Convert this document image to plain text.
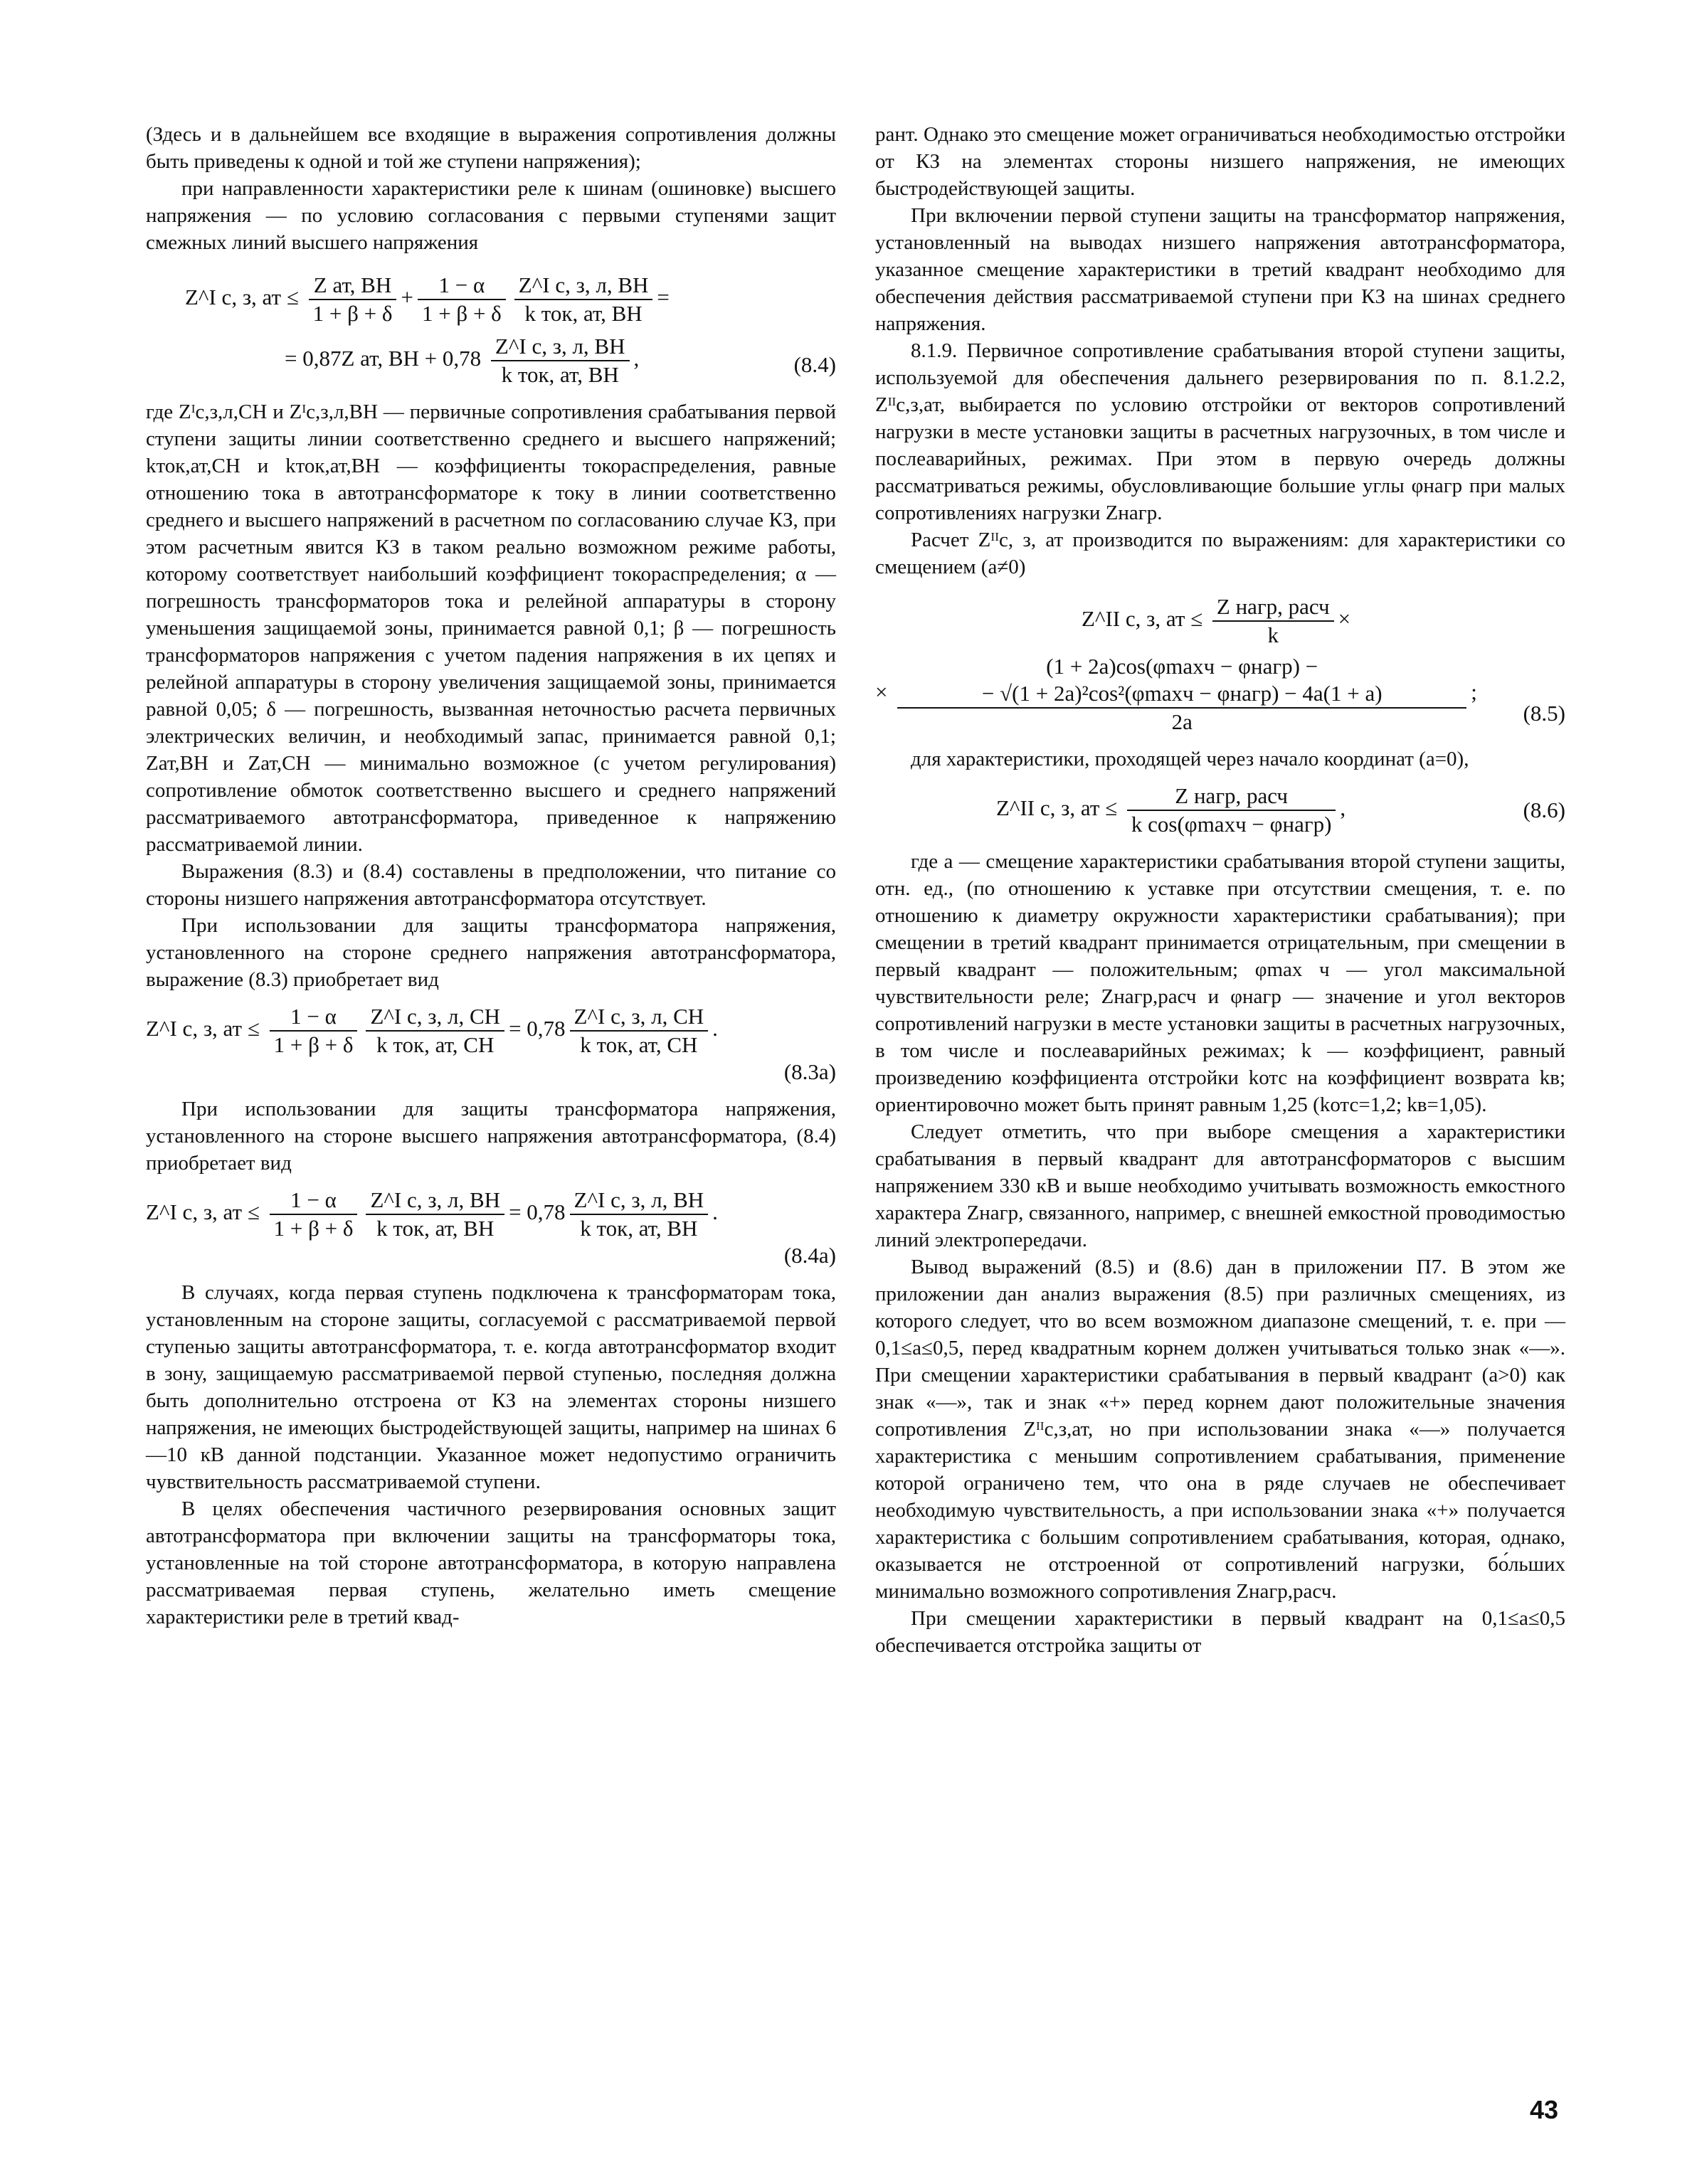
(Здесь и в дальнейшем все входящие в выражения сопротивления должны быть приведены к одной и той же ступени напряжения);

при направленности характеристики реле к шинам (ошиновке) высшего напряжения — по условию согласования с первыми ступенями защит смежных линий высшего напряжения

Z^I с, з, ат ≤ $\frac{\text{Z ат, ВН}}{1 + \beta + \delta} + \frac{1 - \alpha}{1 + \beta + \delta} \frac{\text{Z\textasciicircum{}I с, з, л, ВН}}{\text{k ток, ат, ВН}}$ =
= 0,87Z ат, ВН + $0,78 \frac{\text{Z\textasciicircum{}I с, з, л, ВН}}{\text{k ток, ат, ВН}}$ ,	(8.4)

где Zᴵс,з,л,СН и Zᴵс,з,л,ВН — первичные сопротивления срабатывания первой ступени защиты линии соответственно среднего и высшего напряжений; kток,ат,СН и kток,ат,ВН — коэффициенты токораспределения, равные отношению тока в автотрансформаторе к току в линии соответственно среднего и высшего напряжений в расчетном по согласованию случае КЗ, при этом расчетным явится КЗ в таком реально возможном режиме работы, которому соответствует наибольший коэффициент токораспределения; α — погрешность трансформаторов тока и релейной аппаратуры в сторону уменьшения защищаемой зоны, принимается равной 0,1; β — погрешность трансформаторов напряжения с учетом падения напряжения в их цепях и релейной аппаратуры в сторону увеличения защищаемой зоны, принимается равной 0,05; δ — погрешность, вызванная неточностью расчета первичных электрических величин, и необходимый запас, принимается равной 0,1; Zат,ВН и Zат,СН — минимально возможное (с учетом регулирования) сопротивление обмоток соответственно высшего и среднего напряжений рассматриваемого автотрансформатора, приведенное к напряжению рассматриваемой линии.

Выражения (8.3) и (8.4) составлены в предположении, что питание со стороны низшего напряжения автотрансформатора отсутствует.

При использовании для защиты трансформатора напряжения, установленного на стороне среднего напряжения автотрансформатора, выражение (8.3) приобретает вид

Z^I с, з, ат ≤ $\frac{1 - \alpha}{1 + \beta + \delta} \frac{\text{Z\textasciicircum{}I с, з, л, СН}}{\text{k ток, ат, СН}} = 0,78 \frac{\text{Z\textasciicircum{}I с, з, л, СН}}{\text{k ток, ат, СН}}$ .
(8.3а)

При использовании для защиты трансформатора напряжения, установленного на стороне высшего напряжения автотрансформатора, (8.4) приобретает вид

Z^I с, з, ат ≤ $\frac{1 - \alpha}{1 + \beta + \delta} \frac{\text{Z\textasciicircum{}I с, з, л, ВН}}{\text{k ток, ат, ВН}} = 0,78 \frac{\text{Z\textasciicircum{}I с, з, л, ВН}}{\text{k ток, ат, ВН}}$ .
(8.4а)

В случаях, когда первая ступень подключена к трансформаторам тока, установленным на стороне защиты, согласуемой с рассматриваемой первой ступенью защиты автотрансформатора, т. е. когда автотрансформатор входит в зону, защищаемую рассматриваемой первой ступенью, последняя должна быть дополнительно отстроена от КЗ на элементах стороны низшего напряжения, не имеющих быстродействующей защиты, например на шинах 6—10 кВ данной подстанции. Указанное может недопустимо ограничить чувствительность рассматриваемой ступени.

В целях обеспечения частичного резервирования основных защит автотрансформатора при включении защиты на трансформаторы тока, установленные на той стороне автотрансформатора, в которую направлена рассматриваемая первая ступень, желательно иметь смещение характеристики реле в третий квад-

рант. Однако это смещение может ограничиваться необходимостью отстройки от КЗ на элементах стороны низшего напряжения, не имеющих быстродействующей защиты.

При включении первой ступени защиты на трансформатор напряжения, установленный на выводах низшего напряжения автотрансформатора, указанное смещение характеристики в третий квадрант необходимо для обеспечения действия рассматриваемой ступени при КЗ на шинах среднего напряжения.

8.1.9. Первичное сопротивление срабатывания второй ступени защиты, используемой для обеспечения дальнего резервирования по п. 8.1.2.2, Zᴵᴵс,з,ат, выбирается по условию отстройки от векторов сопротивлений нагрузки в месте установки защиты в расчетных нагрузочных, в том числе и послеаварийных, режимах. При этом в первую очередь должны рассматриваться режимы, обусловливающие большие углы φнагр при малых сопротивлениях нагрузки Zнагр.

Расчет Zᴵᴵс, з, ат производится по выражениям: для характеристики со смещением (a≠0)

Z^II с, з, ат ≤ $\frac{\text{Z нагр, расч}}{k}$ ×
×
(1 + 2a)cos(φmaxч − φнагр) −
− √(1 + 2a)²cos²(φmaxч − φнагр) − 4a(1 + a)
2a
;
(8.5)

для характеристики, проходящей через начало координат (a=0),

Z^II с, з, ат ≤ $\frac{\text{Z нагр, расч}}{\text{k cos(φmaxч − φнагр)}}$ ,	(8.6)

где a — смещение характеристики срабатывания второй ступени защиты, отн. ед., (по отношению к уставке при отсутствии смещения, т. е. по отношению к диаметру окружности характеристики срабатывания); при смещении в третий квадрант принимается отрицательным, при смещении в первый квадрант — положительным; φmax ч — угол максимальной чувствительности реле; Zнагр,расч и φнагр — значение и угол векторов сопротивлений нагрузки в месте установки защиты в расчетных нагрузочных, в том числе и послеаварийных режимах; k — коэффициент, равный произведению коэффициента отстройки kотс на коэффициент возврата kв; ориентировочно может быть принят равным 1,25 (kотс=1,2; kв=1,05).

Следует отметить, что при выборе смещения a характеристики срабатывания в первый квадрант для автотрансформаторов с высшим напряжением 330 кВ и выше необходимо учитывать возможность емкостного характера Zнагр, связанного, например, с внешней емкостной проводимостью линий электропередачи.

Вывод выражений (8.5) и (8.6) дан в приложении П7. В этом же приложении дан анализ выражения (8.5) при различных смещениях, из которого следует, что во всем возможном диапазоне смещений, т. е. при —0,1≤a≤0,5, перед квадратным корнем должен учитываться только знак «—». При смещении характеристики срабатывания в первый квадрант (a>0) как знак «—», так и знак «+» перед корнем дают положительные значения сопротивления Zᴵᴵс,з,ат, но при использовании знака «—» получается характеристика с меньшим сопротивлением срабатывания, применение которой ограничено тем, что она в ряде случаев не обеспечивает необходимую чувствительность, а при использовании знака «+» получается характеристика с большим сопротивлением срабатывания, которая, однако, оказывается не отстроенной от сопротивлений нагрузки, бо́льших минимально возможного сопротивления Zнагр,расч.

При смещении характеристики в первый квадрант на 0,1≤a≤0,5 обеспечивается отстройка защиты от

43
